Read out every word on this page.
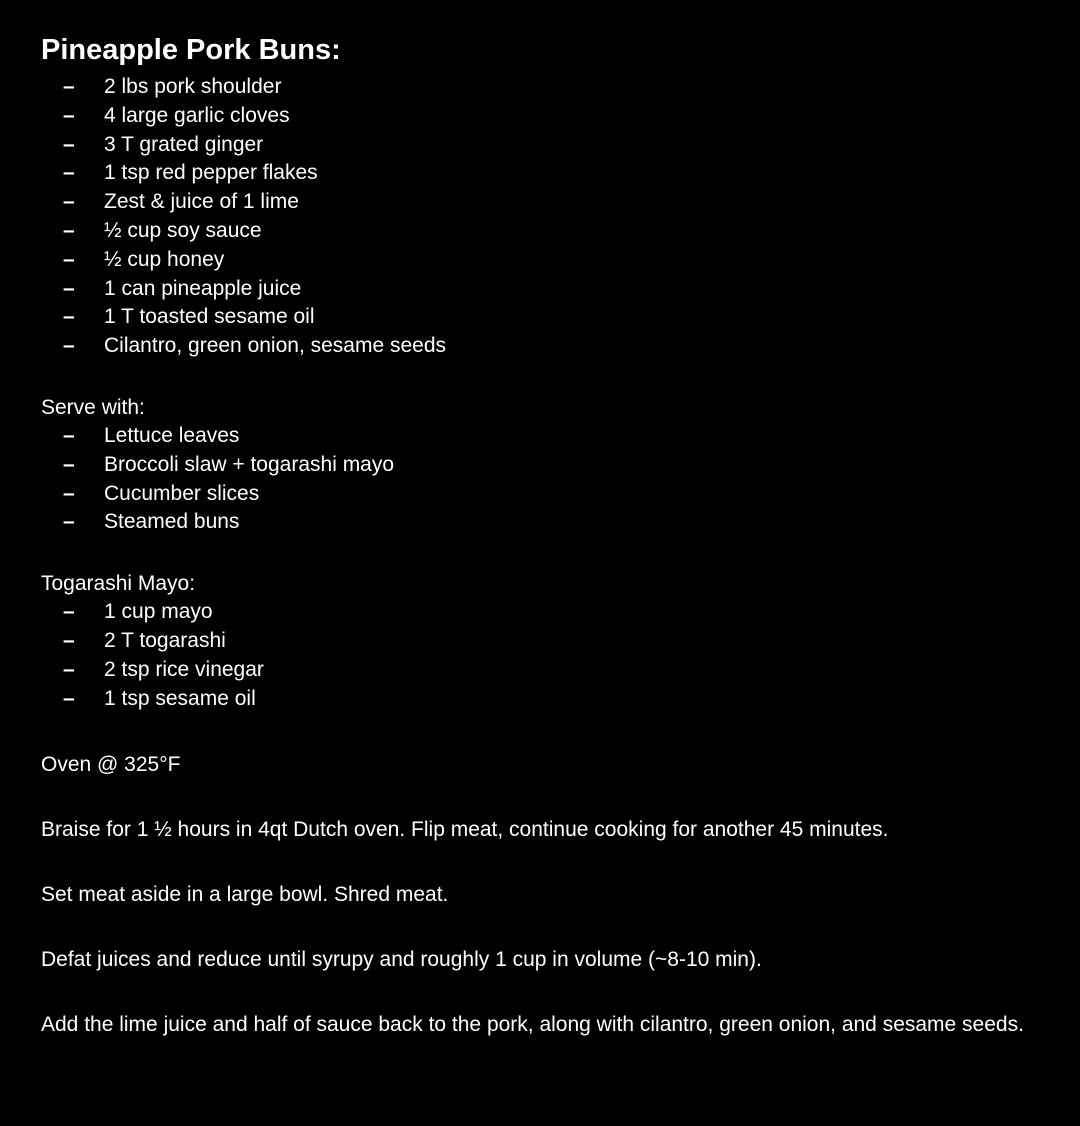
Pineapple Pork Buns:
– 2 lbs pork shoulder
– 4 large garlic cloves
– 3 T grated ginger
– 1 tsp red pepper flakes
– Zest & juice of 1 lime
– ½ cup soy sauce
– ½ cup honey
– 1 can pineapple juice
– 1 T toasted sesame oil
– Cilantro, green onion, sesame seeds
Serve with:
– Lettuce leaves
– Broccoli slaw + togarashi mayo
– Cucumber slices
– Steamed buns
Togarashi Mayo:
– 1 cup mayo
– 2 T togarashi
– 2 tsp rice vinegar
– 1 tsp sesame oil

Oven @ 325°F

Braise for 1 ½ hours in 4qt Dutch oven. Flip meat, continue cooking for another 45 minutes.

Set meat aside in a large bowl. Shred meat.

Defat juices and reduce until syrupy and roughly 1 cup in volume (~8-10 min).

Add the lime juice and half of sauce back to the pork, along with cilantro, green onion, and sesame seeds.
